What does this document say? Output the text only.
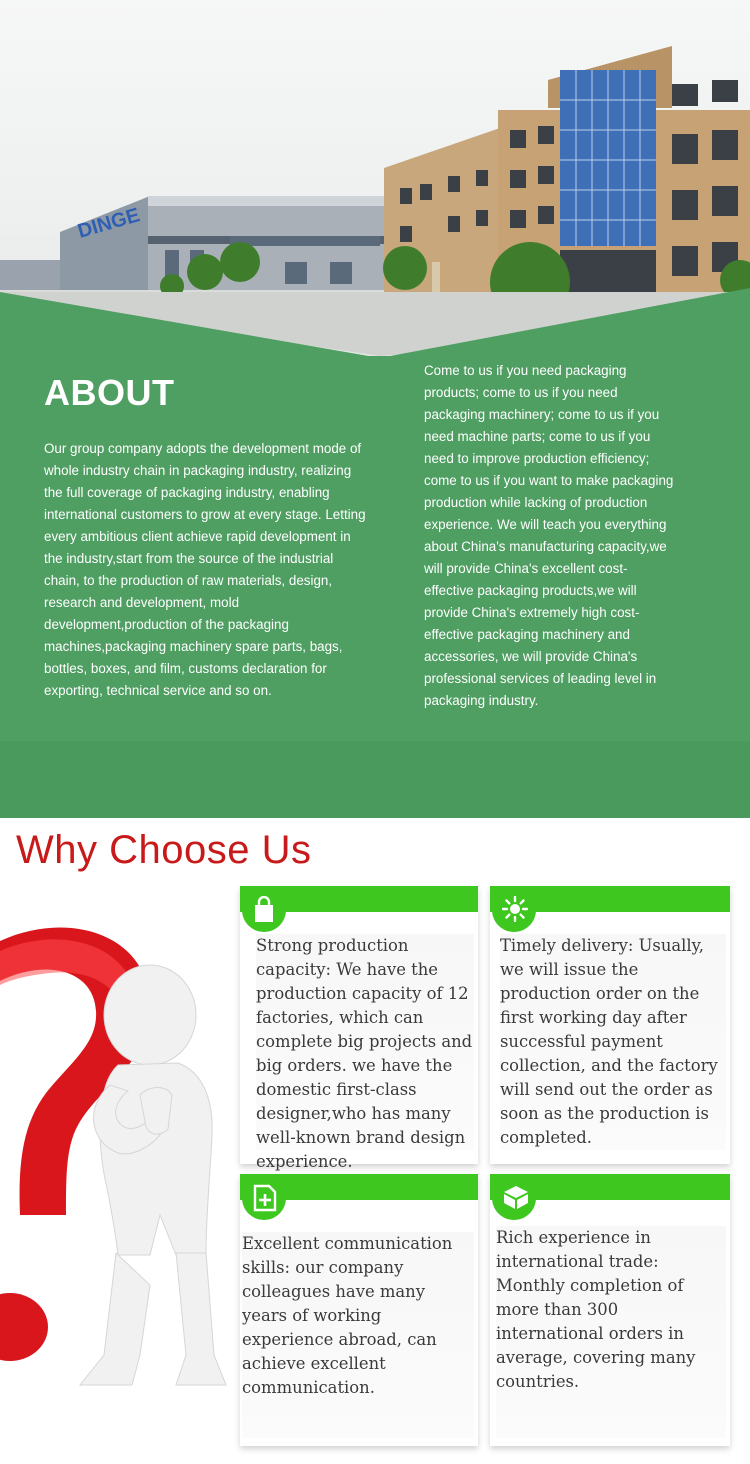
DINGE
ABOUT

Our group company adopts the development mode of whole industry chain in packaging industry, realizing the full coverage of packaging industry, enabling international customers to grow at every stage. Letting every ambitious client achieve rapid development in the industry,start from the source of the industrial chain, to the production of raw materials, design, research and development, mold development,production of the packaging machines,packaging machinery spare parts, bags, bottles, boxes, and film, customs declaration for exporting, technical service and so on.

Come to us if you need packaging products; come to us if you need packaging machinery; come to us if you need machine parts; come to us if you need to improve production efficiency; come to us if you want to make packaging production while lacking of production experience. We will teach you everything about China's manufacturing capacity,we will provide China's excellent cost-effective packaging products,we will provide China's extremely high cost-effective packaging machinery and accessories, we will provide China's professional services of leading level in packaging industry.

Why Choose Us

Strong production capacity: We have the production capacity of 12 factories, which can complete big projects and big orders. we have the domestic first-class designer,who has many well-known brand design experience.

Timely delivery: Usually, we will issue the production order on the first working day after successful payment collection, and the factory will send out the order as soon as the production is completed.

Excellent communication skills: our company colleagues have many years of working experience abroad, can achieve excellent communication.

Rich experience in international trade: Monthly completion of more than 300 international orders in average, covering many countries.
